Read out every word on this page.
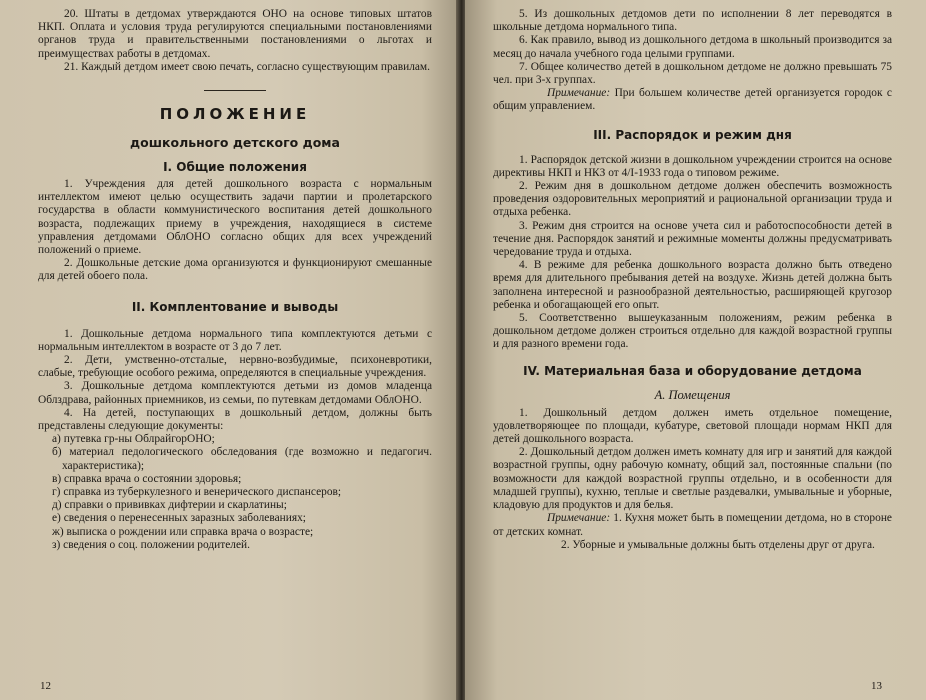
20. Штаты в детдомах утверждаются ОНО на основе типовых штатов НКП. Оплата и условия труда регулируются специальными постановлениями органов труда и правительственными постановлениями о льготах и преимуществах работы в детдомах.

21. Каждый детдом имеет свою печать, согласно существующим правилам.

ПОЛОЖЕНИЕ
дошкольного детского дома
I. Общие положения

1. Учреждения для детей дошкольного возраста с нормальным интеллектом имеют целью осуществить задачи партии и пролетарского государства в области коммунистического воспитания детей дошкольного возраста, подлежащих приему в учреждения, находящиеся в системе управления детдомами ОблОНО согласно общих для всех учреждений положений о приеме.

2. Дошкольные детские дома организуются и функционируют смешанные для детей обоего пола.

II. Комплентование и выводы

1. Дошкольные детдома нормального типа комплектуются детьми с нормальным интеллектом в возрасте от 3 до 7 лет.

2. Дети, умственно-отсталые, нервно-возбудимые, психоневротики, слабые, требующие особого режима, определяются в специальные учреждения.

3. Дошкольные детдома комплектуются детьми из домов младенца Облздрава, районных приемников, из семьи, по путевкам детдомами ОблОНО.

4. На детей, поступающих в дошкольный детдом, должны быть представлены следующие документы:

а) путевка гр-ны ОблрайгорОНО;

б) материал педологического обследования (где возможно и педагогич. характеристика);

в) справка врача о состоянии здоровья;

г) справка из туберкулезного и венерического диспансеров;

д) справки о прививках дифтерии и скарлатины;

е) сведения о перенесенных заразных заболеваниях;

ж) выписка о рождении или справка врача о возрасте;

з) сведения о соц. положении родителей.

12

5. Из дошкольных детдомов дети по исполнении 8 лет переводятся в школьные детдома нормального типа.

6. Как правило, вывод из дошкольного детдома в школьный производится за месяц до начала учебного года целыми группами.

7. Общее количество детей в дошкольном детдоме не должно превышать 75 чел. при 3-х группах.

Примечание: При большем количестве детей организуется городок с общим управлением.

III. Распорядок и режим дня

1. Распорядок детской жизни в дошкольном учреждении строится на основе директивы НКП и НКЗ от 4/I-1933 года о типовом режиме.

2. Режим дня в дошкольном детдоме должен обеспечить возможность проведения оздоровительных мероприятий и рациональной организации труда и отдыха ребенка.

3. Режим дня строится на основе учета сил и работоспособности детей в течение дня. Распорядок занятий и режимные моменты должны предусматривать чередование труда и отдыха.

4. В режиме для ребенка дошкольного возраста должно быть отведено время для длительного пребывания детей на воздухе. Жизнь детей должна быть заполнена интересной и разнообразной деятельностью, расширяющей кругозор ребенка и обогащающей его опыт.

5. Соответственно вышеуказанным положениям, режим ребенка в дошкольном детдоме должен строиться отдельно для каждой возрастной группы и для разного времени года.

IV. Материальная база и оборудование детдома
А. Помещения

1. Дошкольный детдом должен иметь отдельное помещение, удовлетворяющее по площади, кубатуре, световой площади нормам НКП для детей дошкольного возраста.

2. Дошкольный детдом должен иметь комнату для игр и занятий для каждой возрастной группы, одну рабочую комнату, общий зал, постоянные спальни (по возможности для каждой возрастной группы отдельно, и в особенности для младшей группы), кухню, теплые и светлые раздевалки, умывальные и уборные, кладовую для продуктов и для белья.

Примечание: 1. Кухня может быть в помещении детдома, но в стороне от детских комнат.

2. Уборные и умывальные должны быть отделены друг от друга.

13
